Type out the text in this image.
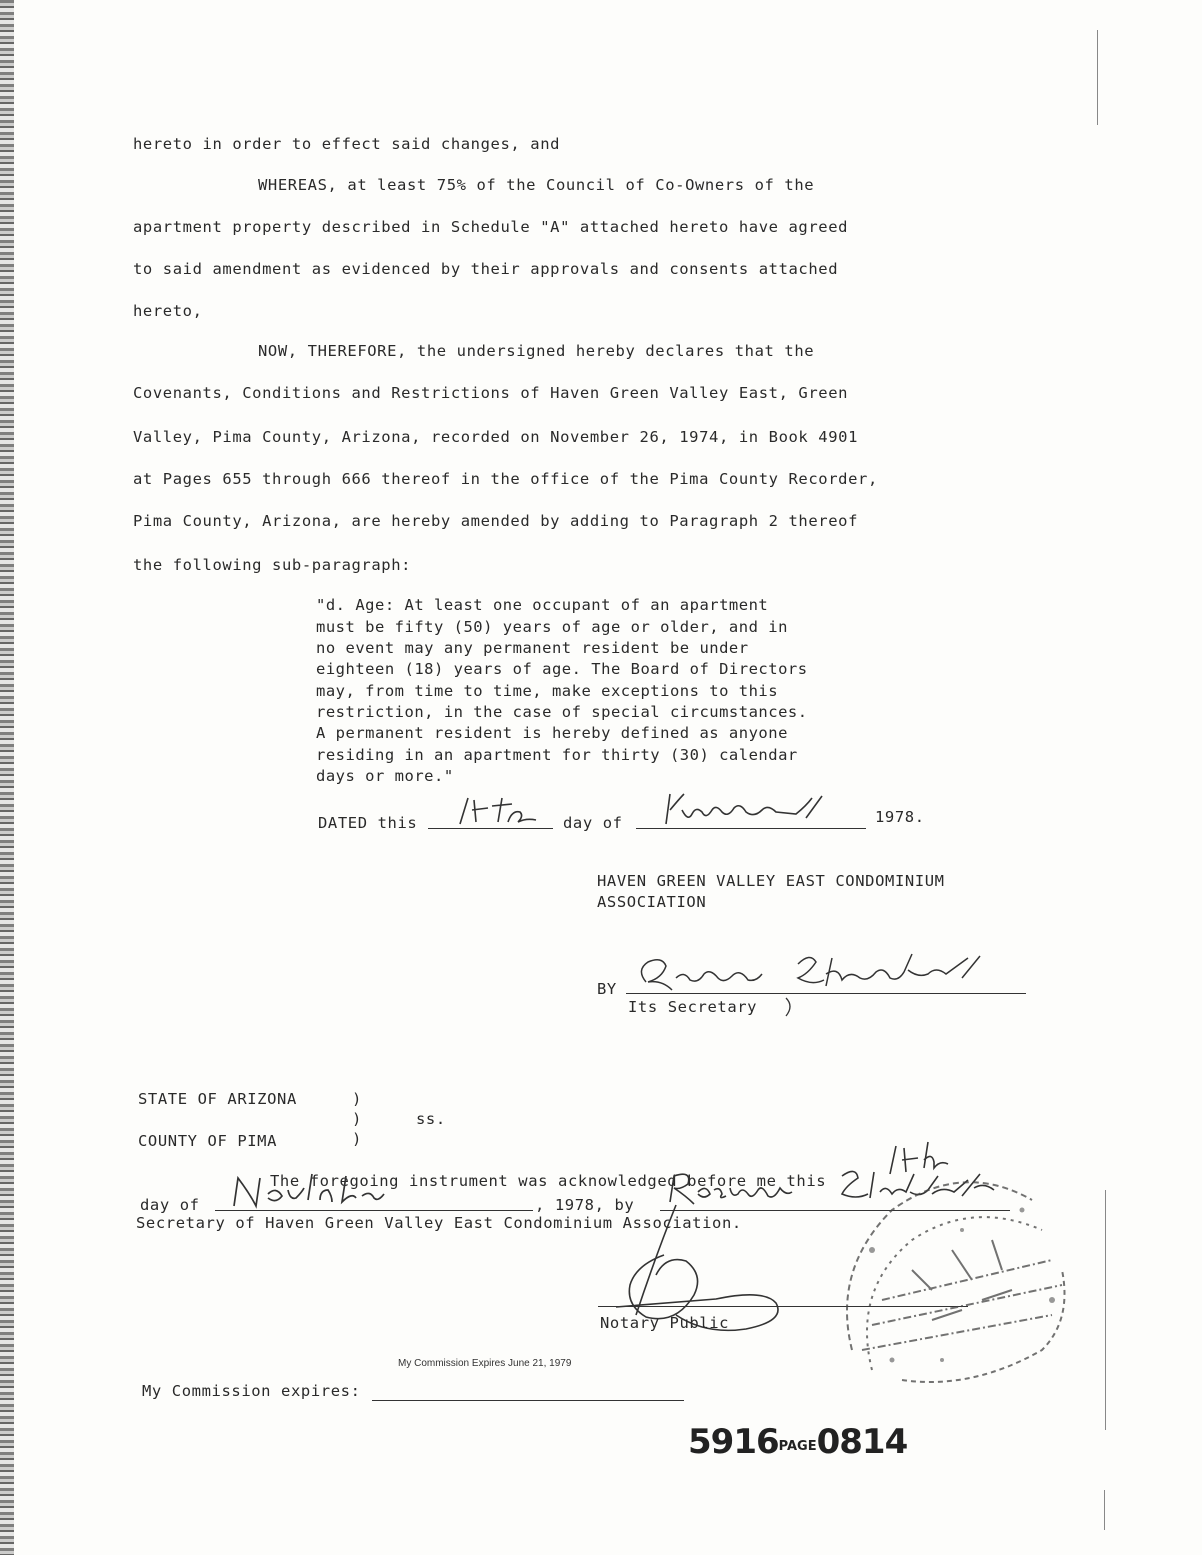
hereto in order to effect said changes, and
WHEREAS, at least 75% of the Council of Co-Owners of the
apartment property described in Schedule "A" attached hereto have agreed
to said amendment as evidenced by their approvals and consents attached
hereto,
NOW, THEREFORE, the undersigned hereby declares that the
Covenants, Conditions and Restrictions of Haven Green Valley East, Green
Valley, Pima County, Arizona, recorded on November 26, 1974, in Book 4901
at Pages 655 through 666 thereof in the office of the Pima County Recorder,
Pima County, Arizona, are hereby amended by adding to Paragraph 2 thereof
the following sub-paragraph:
"d. Age: At least one occupant of an apartment
must be fifty (50) years of age or older, and in
no event may any permanent resident be under
eighteen (18) years of age. The Board of Directors
may, from time to time, make exceptions to this
restriction, in the case of special circumstances.
A permanent resident is hereby defined as anyone
residing in an apartment for thirty (30) calendar
days or more."
DATED this	day of	1978.
HAVEN GREEN VALLEY EAST CONDOMINIUM
ASSOCIATION
BY
Its Secretary
STATE OF ARIZONA	)
)	ss.
)
COUNTY OF PIMA
The foregoing instrument was acknowledged before me this
day of	, 1978, by
Secretary of Haven Green Valley East Condominium Association.
Notary Public
My Commission Expires June 21, 1979
My Commission expires:
5916PAGE0814
